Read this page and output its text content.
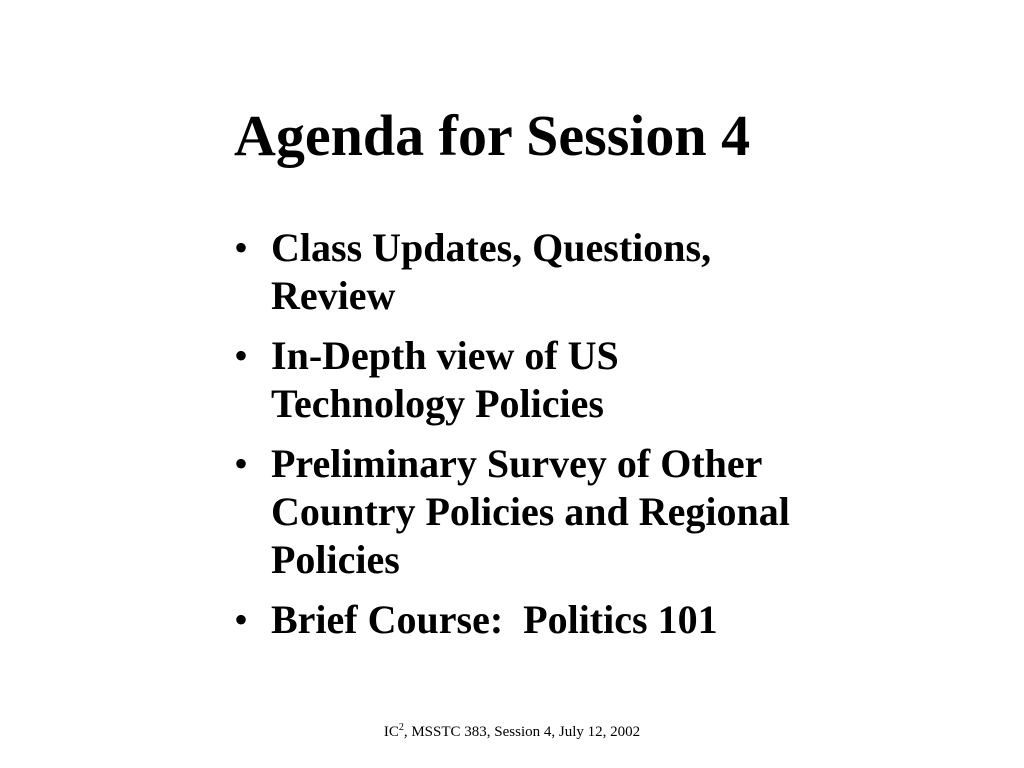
Agenda for Session 4
• Class Updates, Questions,
Review
• In-Depth view of US
Technology Policies
• Preliminary Survey of Other
Country Policies and Regional
Policies
• Brief Course:  Politics 101
$IC^2$, MSSTC 383, Session 4, July 12, 2002
